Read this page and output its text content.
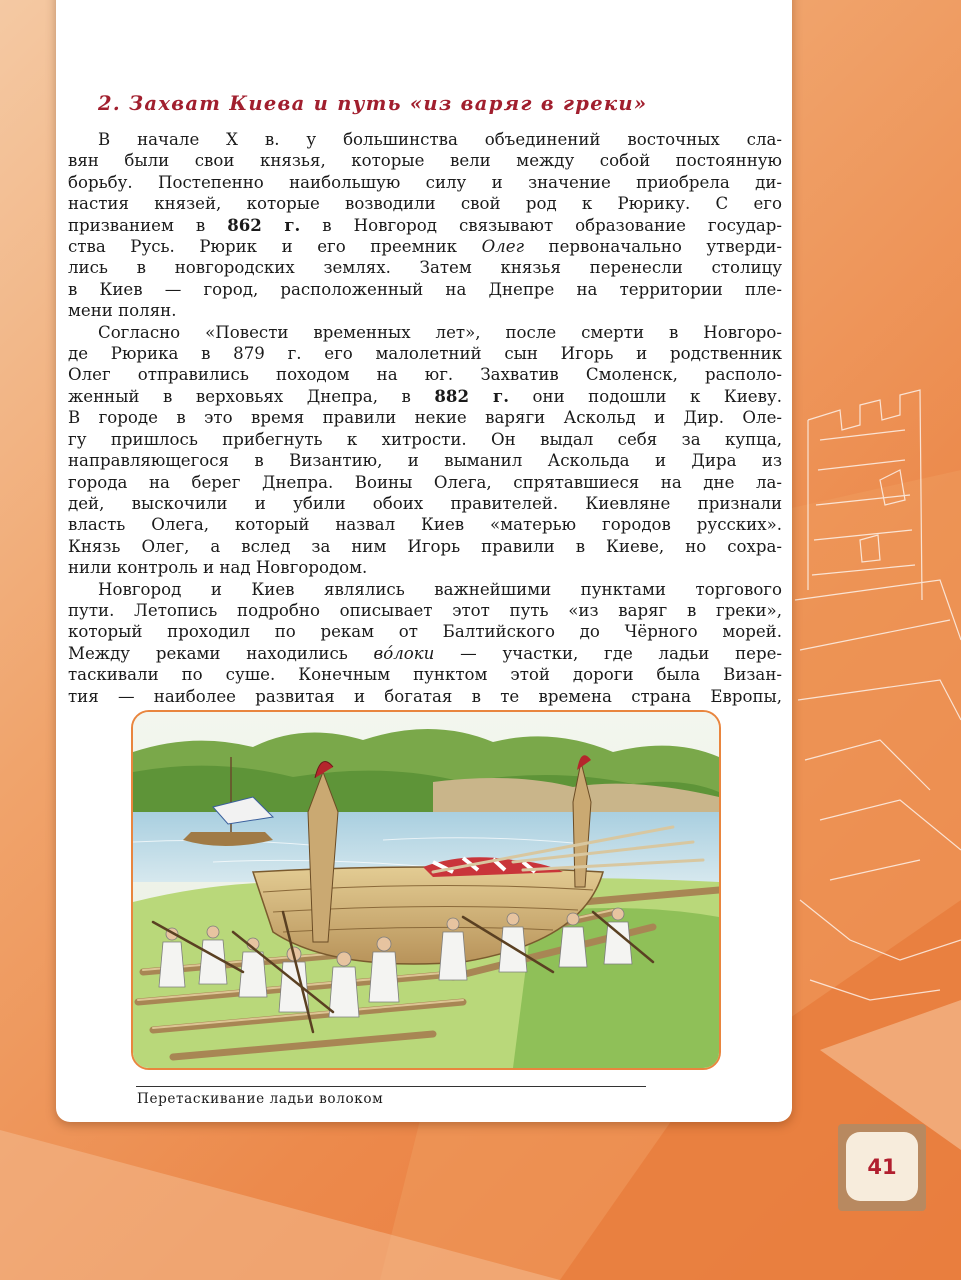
2. Захват Киева и путь «из варяг в греки»
В начале X в. у большинства объединений восточных сла-
вян были свои князья, которые вели между собой постоянную
борьбу. Постепенно наибольшую силу и значение приобрела ди-
настия князей, которые возводили свой род к Рюрику. С его
призванием в 862 г. в Новгород связывают образование государ-
ства Русь. Рюрик и его преемник Олег первоначально утверди-
лись в новгородских землях. Затем князья перенесли столицу
в Киев — город, расположенный на Днепре на территории пле-
мени полян.
Согласно «Повести временных лет», после смерти в Новгоро-
де Рюрика в 879 г. его малолетний сын Игорь и родственник
Олег отправились походом на юг. Захватив Смоленск, располо-
женный в верховьях Днепра, в 882 г. они подошли к Киеву.
В городе в это время правили некие варяги Аскольд и Дир. Оле-
гу пришлось прибегнуть к хитрости. Он выдал себя за купца,
направляющегося в Византию, и выманил Аскольда и Дира из
города на берег Днепра. Воины Олега, спрятавшиеся на дне ла-
дей, выскочили и убили обоих правителей. Киевляне признали
власть Олега, который назвал Киев «матерью городов русских».
Князь Олег, а вслед за ним Игорь правили в Киеве, но сохра-
нили контроль и над Новгородом.
Новгород и Киев являлись важнейшими пунктами торгового
пути. Летопись подробно описывает этот путь «из варяг в греки»,
который проходил по рекам от Балтийского до Чёрного морей.
Между реками находились вóлоки — участки, где ладьи пере-
таскивали по суше. Конечным пунктом этой дороги была Визан-
тия — наиболее развитая и богатая в те времена страна Европы,
Перетаскивание ладьи волоком
41
